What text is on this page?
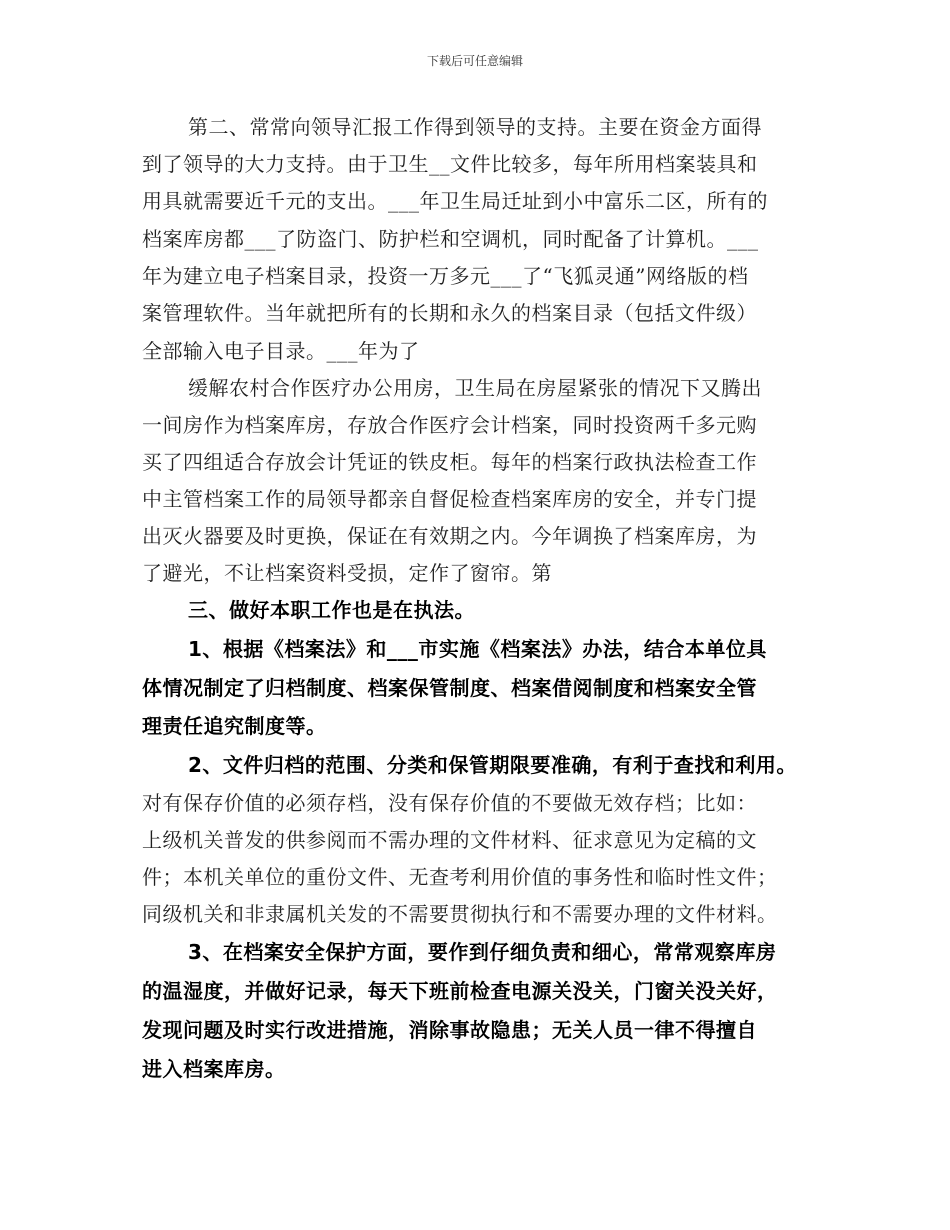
下载后可任意编辑
第二、常常向领导汇报工作得到领导的支持。主要在资金方面得
到了领导的大力支持。由于卫生__文件比较多，每年所用档案装具和
用具就需要近千元的支出。___年卫生局迁址到小中富乐二区，所有的
档案库房都___了防盗门、防护栏和空调机，同时配备了计算机。___
年为建立电子档案目录，投资一万多元___了“飞狐灵通”网络版的档
案管理软件。当年就把所有的长期和永久的档案目录（包括文件级）
全部输入电子目录。___年为了
缓解农村合作医疗办公用房，卫生局在房屋紧张的情况下又腾出
一间房作为档案库房，存放合作医疗会计档案，同时投资两千多元购
买了四组适合存放会计凭证的铁皮柜。每年的档案行政执法检查工作
中主管档案工作的局领导都亲自督促检查档案库房的安全，并专门提
出灭火器要及时更换，保证在有效期之内。今年调换了档案库房，为
了避光，不让档案资料受损，定作了窗帘。第
三、做好本职工作也是在执法。
1、根据《档案法》和___市实施《档案法》办法，结合本单位具
体情况制定了归档制度、档案保管制度、档案借阅制度和档案安全管
理责任追究制度等。
2、文件归档的范围、分类和保管期限要准确，有利于查找和利用。
对有保存价值的必须存档，没有保存价值的不要做无效存档；比如：
上级机关普发的供参阅而不需办理的文件材料、征求意见为定稿的文
件；本机关单位的重份文件、无查考利用价值的事务性和临时性文件；
同级机关和非隶属机关发的不需要贯彻执行和不需要办理的文件材料。
3、在档案安全保护方面，要作到仔细负责和细心，常常观察库房
的温湿度，并做好记录，每天下班前检查电源关没关，门窗关没关好，
发现问题及时实行改进措施，消除事故隐患；无关人员一律不得擅自
进入档案库房。
